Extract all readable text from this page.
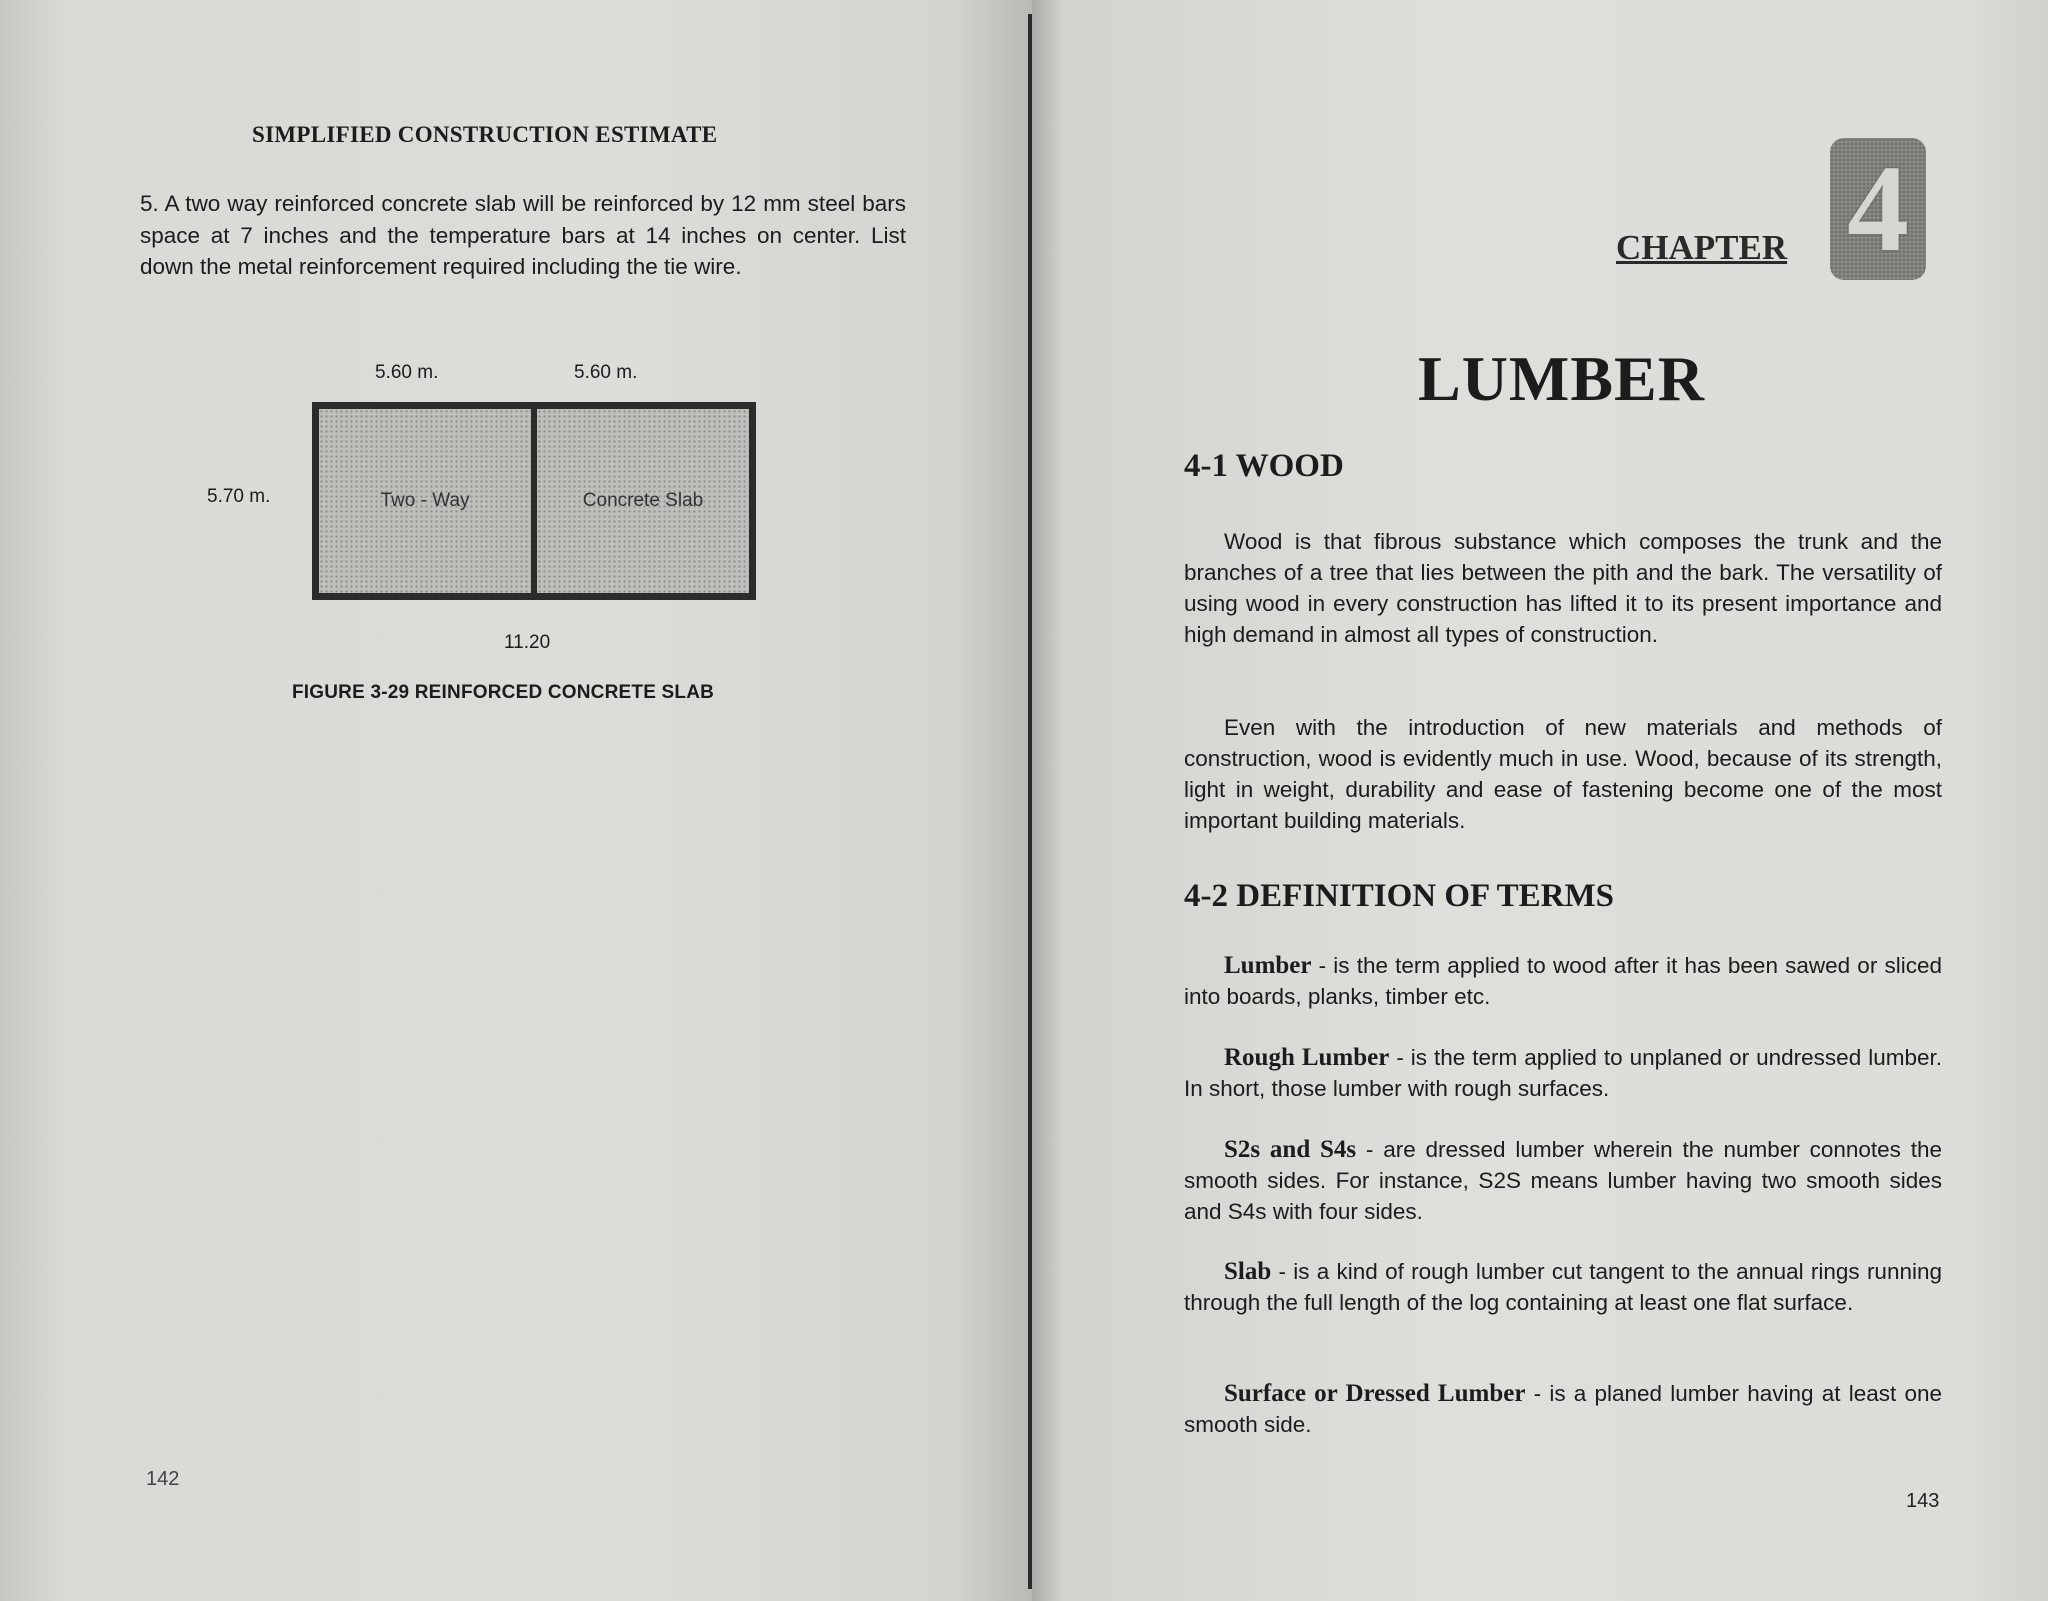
SIMPLIFIED CONSTRUCTION ESTIMATE
5. A two way reinforced concrete slab will be reinforced by 12 mm steel bars space at 7 inches and the temperature bars at 14 inches on center. List down the metal reinforcement required including the tie wire.
5.60 m.	5.60 m.
5.70 m.	Two - Way	Concrete Slab
11.20
FIGURE 3-29 REINFORCED CONCRETE SLAB
142
CHAPTER 4
LUMBER
4-1 WOOD
Wood is that fibrous substance which composes the trunk and the branches of a tree that lies between the pith and the bark. The versatility of using wood in every construction has lifted it to its present importance and high demand in almost all types of construction.
Even with the introduction of new materials and methods of construction, wood is evidently much in use. Wood, because of its strength, light in weight, durability and ease of fastening become one of the most important building materials.
4-2 DEFINITION OF TERMS
Lumber - is the term applied to wood after it has been sawed or sliced into boards, planks, timber etc.
Rough Lumber - is the term applied to unplaned or undressed lumber. In short, those lumber with rough surfaces.
S2s and S4s - are dressed lumber wherein the number connotes the smooth sides. For instance, S2S means lumber having two smooth sides and S4s with four sides.
Slab - is a kind of rough lumber cut tangent to the annual rings running through the full length of the log containing at least one flat surface.
Surface or Dressed Lumber - is a planed lumber having at least one smooth side.
143
